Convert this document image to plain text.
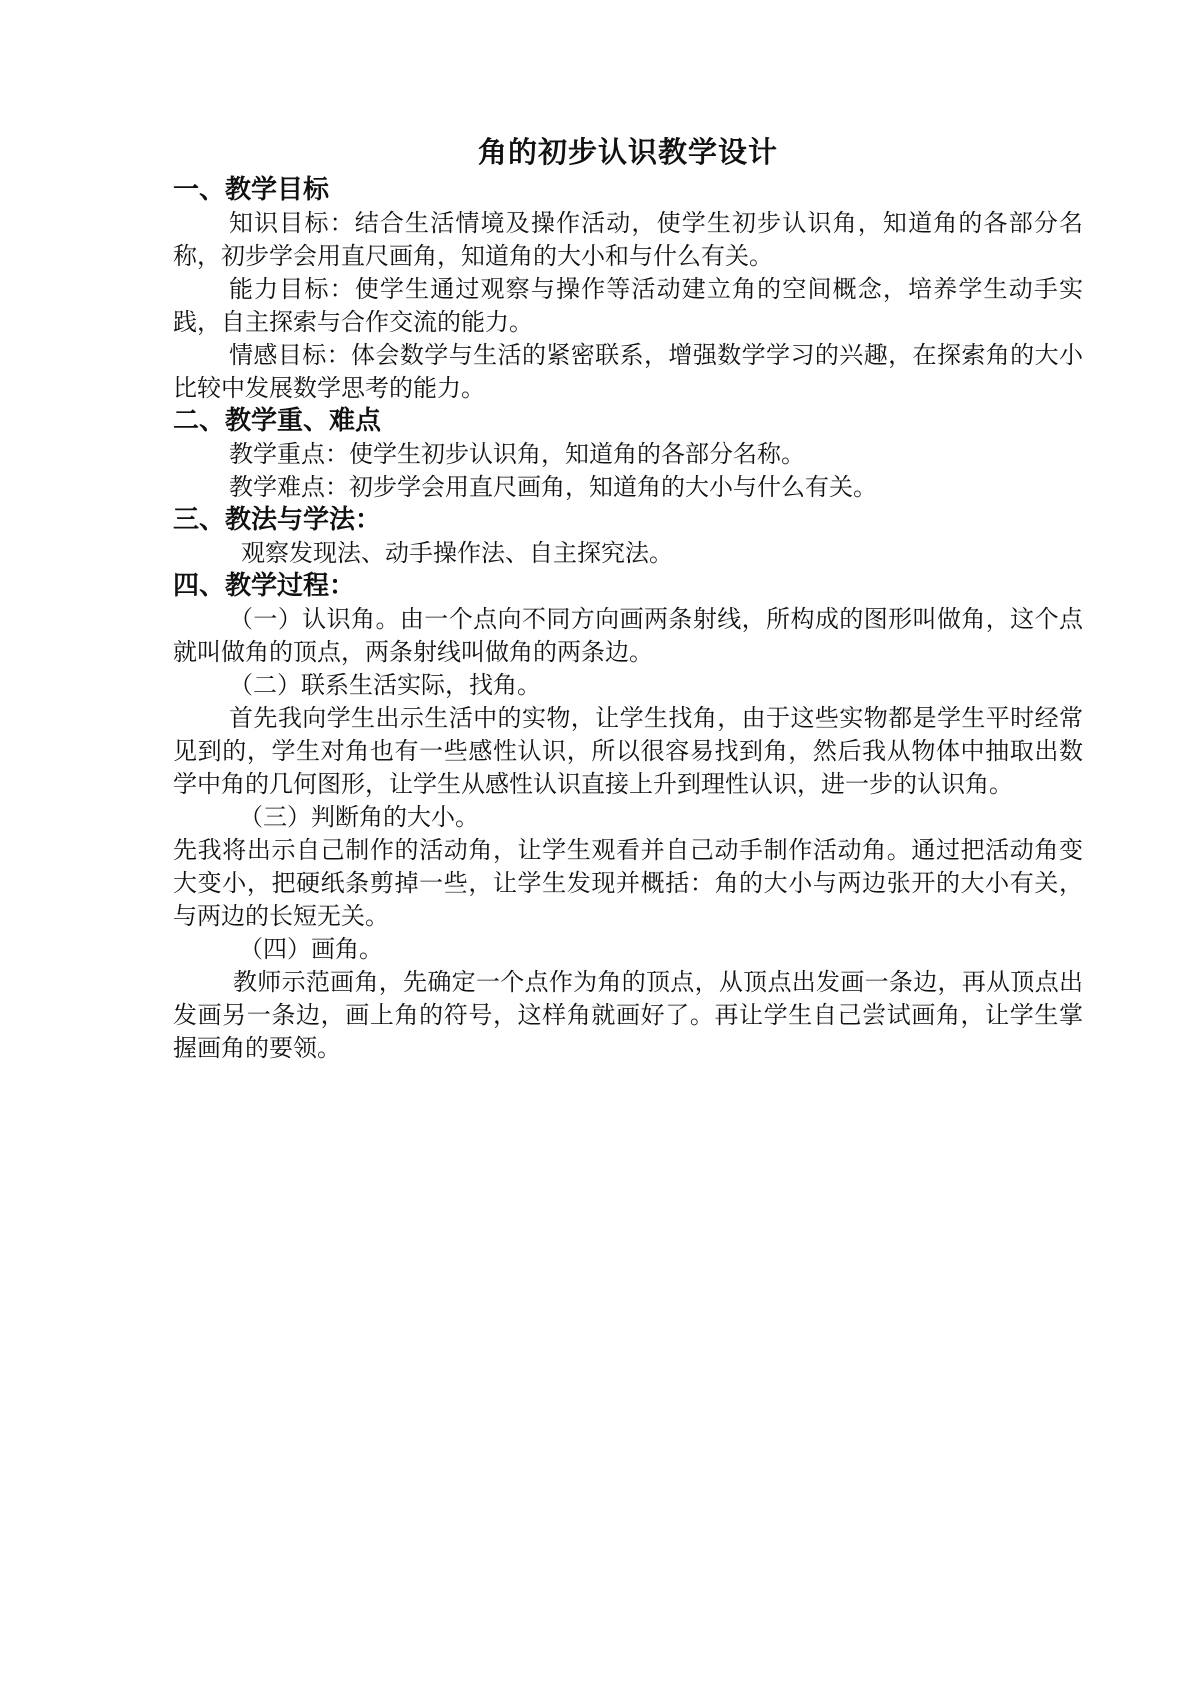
角的初步认识教学设计
一、教学目标

知识目标：结合生活情境及操作活动，使学生初步认识角，知道角的各部分名称，初步学会用直尺画角，知道角的大小和与什么有关。

能力目标：使学生通过观察与操作等活动建立角的空间概念，培养学生动手实践，自主探索与合作交流的能力。

情感目标：体会数学与生活的紧密联系，增强数学学习的兴趣，在探索角的大小比较中发展数学思考的能力。

二、教学重、难点

教学重点：使学生初步认识角，知道角的各部分名称。

教学难点：初步学会用直尺画角，知道角的大小与什么有关。

三、教法与学法：

观察发现法、动手操作法、自主探究法。

四、教学过程：

（一）认识角。由一个点向不同方向画两条射线，所构成的图形叫做角，这个点就叫做角的顶点，两条射线叫做角的两条边。

（二）联系生活实际，找角。

首先我向学生出示生活中的实物，让学生找角，由于这些实物都是学生平时经常见到的，学生对角也有一些感性认识，所以很容易找到角，然后我从物体中抽取出数学中角的几何图形，让学生从感性认识直接上升到理性认识，进一步的认识角。

（三）判断角的大小。

先我将出示自己制作的活动角，让学生观看并自己动手制作活动角。通过把活动角变大变小，把硬纸条剪掉一些，让学生发现并概括：角的大小与两边张开的大小有关，与两边的长短无关。

（四）画角。

教师示范画角，先确定一个点作为角的顶点，从顶点出发画一条边，再从顶点出发画另一条边，画上角的符号，这样角就画好了。再让学生自己尝试画角，让学生掌握画角的要领。
